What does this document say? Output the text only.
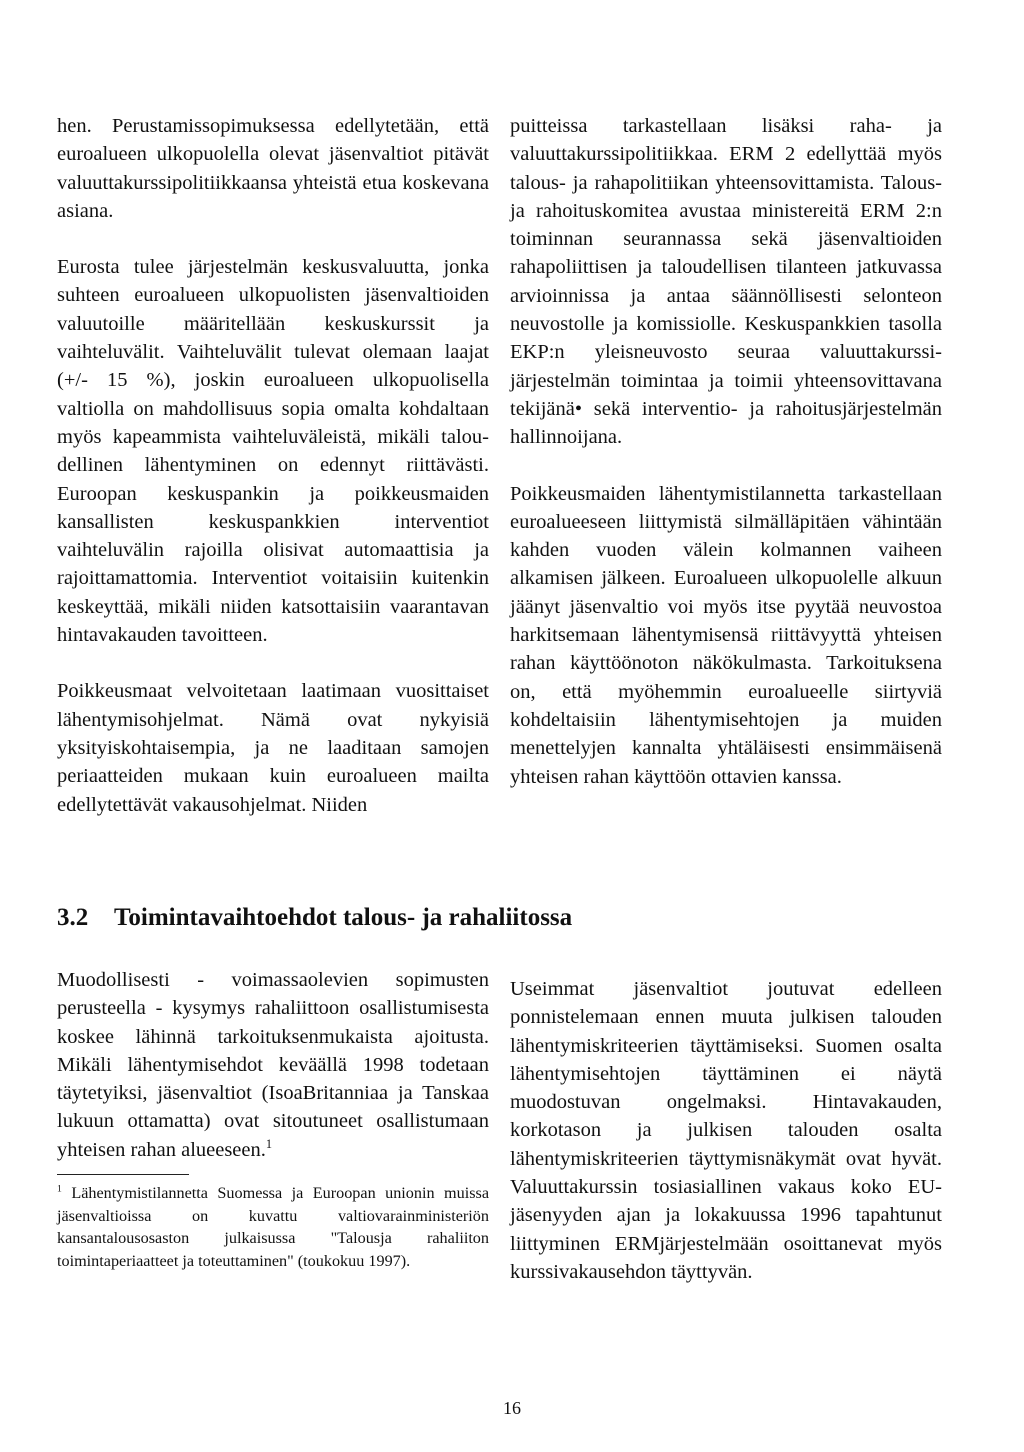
hen. Perustamissopimuksessa edellytetään, että euroalueen ulkopuolella olevat jäsenvaltiot pitävät valuuttakurssipolitiikkaansa yhteistä etua koskevana asiana.

Eurosta tulee järjestelmän keskusvaluutta, jonka suhteen euroalueen ulkopuolisten jäsenvaltioiden valuutoille määritellään keskuskurssit ja vaihteluvälit. Vaihteluvälit tulevat olemaan laajat (+/- 15 %), joskin euroalueen ulkopuolisella valtiolla on mahdollisuus sopia omalta kohdaltaan myös kapeammista vaihteluväleistä, mikäli taloudellinen lähentyminen on edennyt riittävästi. Euroopan keskuspankin ja poikkeusmaiden kansallisten keskuspankkien interventiot vaihteluvälin rajoilla olisivat automaattisia ja rajoittamattomia. Interventiot voitaisiin kuitenkin keskeyttää, mikäli niiden katsottaisiin vaarantavan hintavakauden tavoitteen.

Poikkeusmaat velvoitetaan laatimaan vuosittaiset lähentymisohjelmat. Nämä ovat nykyisiä yksityiskohtaisempia, ja ne laaditaan samojen periaatteiden mukaan kuin euroalueen mailta edellytettävät vakausohjelmat. Niiden

puitteissa tarkastellaan lisäksi raha- ja valuuttakurssipolitiikkaa. ERM 2 edellyttää myös talous- ja rahapolitiikan yhteensovittamista. Talous- ja rahoituskomitea avustaa ministereitä ERM 2:n toiminnan seurannassa sekä jäsenvaltioiden rahapoliittisen ja taloudellisen tilanteen jatkuvassa arvioinnissa ja antaa säännöllisesti selonteon neuvostolle ja komissiolle. Keskuspankkien tasolla EKP:n yleisneuvosto seuraa valuuttakurssijärjestelmän toimintaa ja toimii yhteensovittavana tekijänä• sekä interventio- ja rahoitusjärjestelmän hallinnoijana.

Poikkeusmaiden lähentymistilannetta tarkastellaan euroalueeseen liittymistä silmälläpitäen vähintään kahden vuoden välein kolmannen vaiheen alkamisen jälkeen. Euroalueen ulkopuolelle alkuun jäänyt jäsenvaltio voi myös itse pyytää neuvostoa harkitsemaan lähentymisensä riittävyyttä yhteisen rahan käyttöönoton näkökulmasta. Tarkoituksena on, että myöhemmin euroalueelle siirtyviä kohdeltaisiin lähentymisehtojen ja muiden menettelyjen kannalta yhtäläisesti ensimmäisenä yhteisen rahan käyttöön ottavien kanssa.

3.2 Toimintavaihtoehdot talous- ja rahaliitossa

Muodollisesti - voimassaolevien sopimusten perusteella - kysymys rahaliittoon osallistumisesta koskee lähinnä tarkoituksenmukaista ajoitusta. Mikäli lähentymisehdot keväällä 1998 todetaan täytetyiksi, jäsenvaltiot (IsoaBritanniaa ja Tanskaa lukuun ottamatta) ovat sitoutuneet osallistumaan yhteisen rahan alueeseen.$^1$

Useimmat jäsenvaltiot joutuvat edelleen ponnistelemaan ennen muuta julkisen talouden lähentymiskriteerien täyttämiseksi. Suomen osalta lähentymisehtojen täyttäminen ei näytä muodostuvan ongelmaksi. Hintavakauden, korkotason ja julkisen talouden osalta lähentymiskriteerien täyttymisnäkymät ovat hyvät. Valuuttakurssin tosiasiallinen vakaus koko EU-jäsenyyden ajan ja lokakuussa 1996 tapahtunut liittyminen ERMjärjestelmään osoittanevat myös kurssivakausehdon täyttyvän.

$^1$ Lähentymistilannetta Suomessa ja Euroopan unionin muissa jäsenvaltioissa on kuvattu valtiovarainministeriön kansantalousosaston julkaisussa "Talousja rahaliiton toimintaperiaatteet ja toteuttaminen" (toukokuu 1997).
16
